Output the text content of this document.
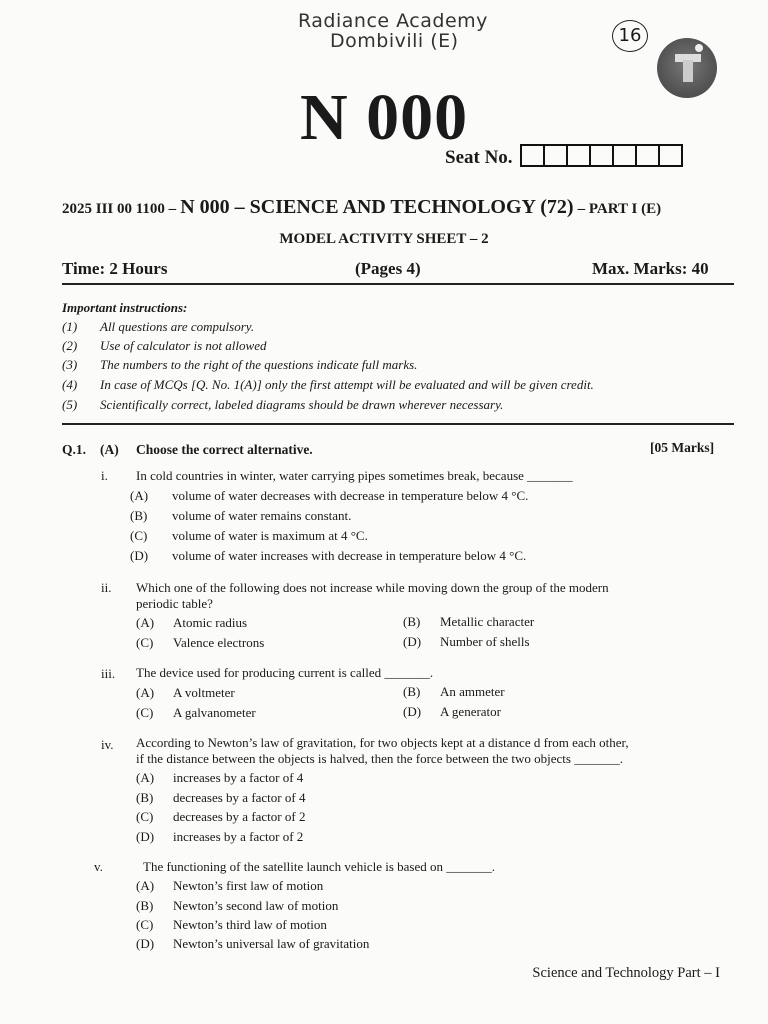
Radiance Academy
Dombivili (E)	16
N 000
Seat No.
2025 III 00 1100 – N 000 – SCIENCE AND TECHNOLOGY (72) – PART I (E)
MODEL ACTIVITY SHEET – 2
Time: 2 Hours	(Pages 4)	Max. Marks: 40
Important instructions:
(1) All questions are compulsory.
(2) Use of calculator is not allowed
(3) The numbers to the right of the questions indicate full marks.
(4) In case of MCQs [Q. No. 1(A)] only the first attempt will be evaluated and will be given credit.
(5) Scientifically correct, labeled diagrams should be drawn wherever necessary.
Q.1. (A) Choose the correct alternative.	[05 Marks]
i. In cold countries in winter, water carrying pipes sometimes break, because _______
(A) volume of water decreases with decrease in temperature below 4 °C.
(B) volume of water remains constant.
(C) volume of water is maximum at 4 °C.
(D) volume of water increases with decrease in temperature below 4 °C.
ii. Which one of the following does not increase while moving down the group of the modern
periodic table?
(A) Atomic radius	(B) Metallic character
(C) Valence electrons	(D) Number of shells
iii. The device used for producing current is called _______.
(A) A voltmeter	(B) An ammeter
(C) A galvanometer	(D) A generator
iv. According to Newton’s law of gravitation, for two objects kept at a distance d from each other,
if the distance between the objects is halved, then the force between the two objects _______.
(A) increases by a factor of 4
(B) decreases by a factor of 4
(C) decreases by a factor of 2
(D) increases by a factor of 2
v.	The functioning of the satellite launch vehicle is based on _______.
(A) Newton’s first law of motion
(B) Newton’s second law of motion
(C) Newton’s third law of motion
(D) Newton’s universal law of gravitation
Science and Technology Part – I
